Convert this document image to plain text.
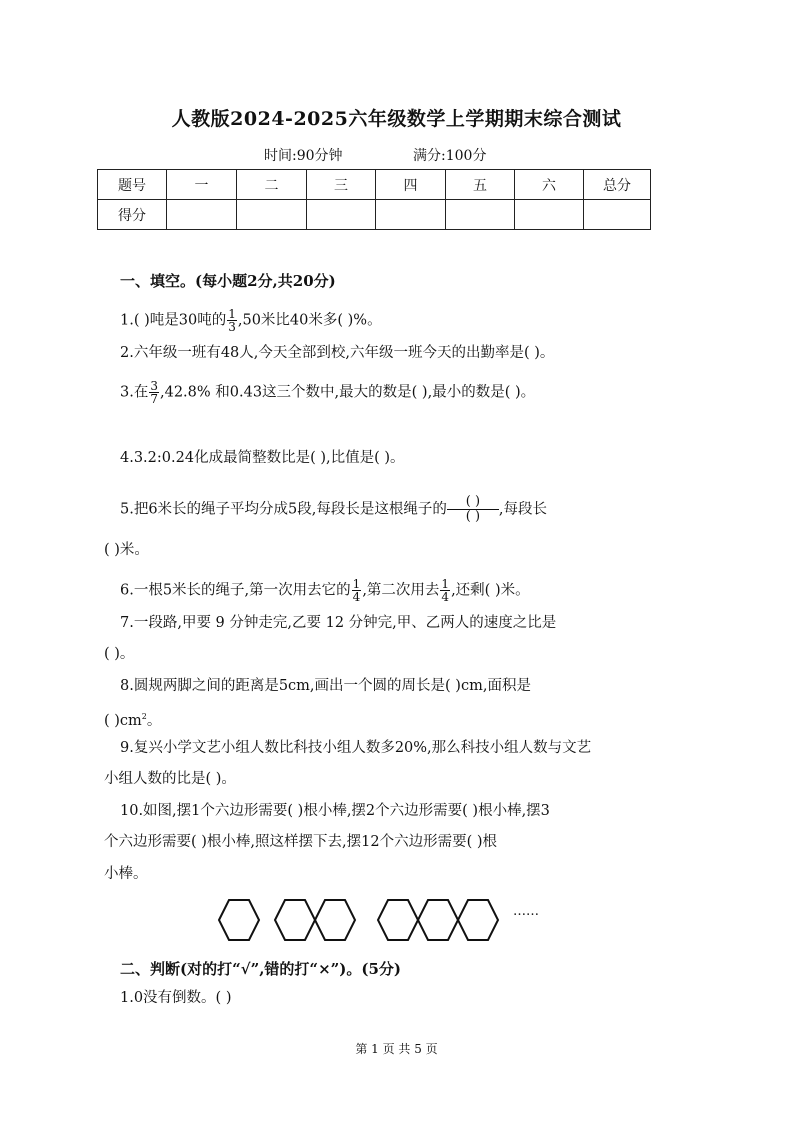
人教版2024-2025六年级数学上学期期末综合测试
时间:90分钟	满分:100分
题号	一	二	三	四	五	六	总分
得分							
一、填空。(每小题2分,共20分)
1.( )吨是30吨的 $\frac{1}{3} ,50$米比40米多( )%。
2.六年级一班有48人,今天全部到校,六年级一班今天的出勤率是( )。
3.在 $\frac{3}{7} ,42.8\%$ 和0.43这三个数中,最大的数是( ),最小的数是( )。
4.3.2:0.24化成最简整数比是( ),比值是( )。
5.把6米长的绳子平均分成5段,每段长是这根绳子的 $\frac{( )}{( )}$ ,每段长
( )米。
6.一根5米长的绳子,第一次用去它的 $\frac{1}{4}$ ,第二次用去 $\frac{1}{4}$ ,还剩( )米。
7.一段路,甲要 9 分钟走完,乙要 12 分钟完,甲、乙两人的速度之比是
( )。
8.圆规两脚之间的距离是5cm,画出一个圆的周长是( )cm,面积是
( )$cm^2$。
9.复兴小学文艺小组人数比科技小组人数多20%,那么科技小组人数与文艺
小组人数的比是( )。
10.如图,摆1个六边形需要( )根小棒,摆2个六边形需要( )根小棒,摆3
个六边形需要( )根小棒,照这样摆下去,摆12个六边形需要( )根
小棒。
……
二、判断(对的打“√”,错的打“×”)。(5分)
1.0没有倒数。( )
第 1 页 共 5 页
